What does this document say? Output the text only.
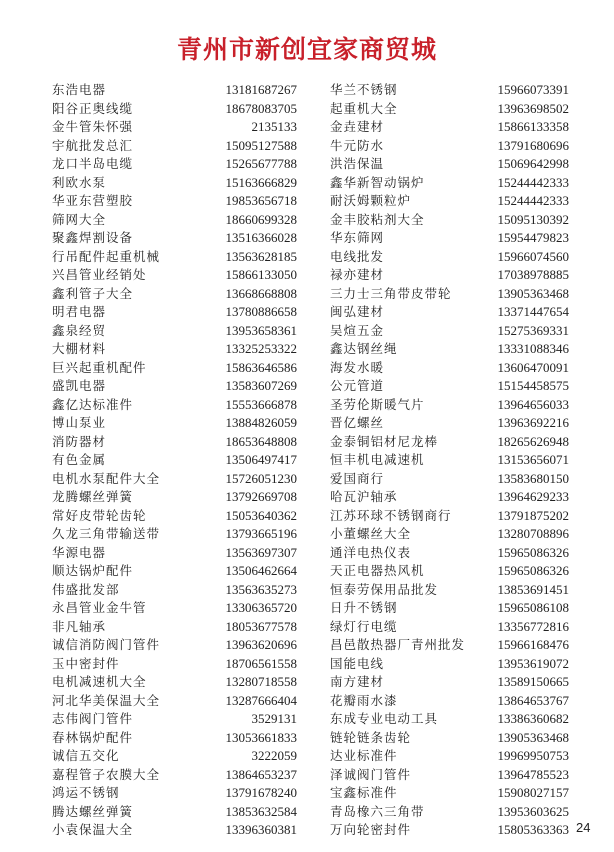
青州市新创宜家商贸城
东浩电器	13181687267
阳谷正奥线缆	18678083705
金牛管朱怀强	2135133
宇航批发总汇	15095127588
龙口半岛电缆	15265677788
利欧水泵	15163666829
华亚东营塑胶	19853656718
筛网大全	18660699328
聚鑫焊割设备	13516366028
行吊配件起重机械	13563628185
兴昌管业经销处	15866133050
鑫利管子大全	13668668808
明君电器	13780886658
鑫泉经贸	13953658361
大棚材料	13325253322
巨兴起重机配件	15863646586
盛凯电器	13583607269
鑫亿达标准件	15553666878
博山泵业	13884826059
消防器材	18653648808
有色金属	13506497417
电机水泵配件大全	15726051230
龙腾螺丝弹簧	13792669708
常好皮带轮齿轮	15053640362
久龙三角带输送带	13793665196
华源电器	13563697307
顺达锅炉配件	13506462664
伟盛批发部	13563635273
永昌管业金牛管	13306365720
非凡轴承	18053677578
诚信消防阀门管件	13963620696
玉中密封件	18706561558
电机减速机大全	13280718558
河北华美保温大全	13287666404
志伟阀门管件	3529131
春林锅炉配件	13053661833
诚信五交化	3222059
嘉程管子农膜大全	13864653237
鸿运不锈钢	13791678240
腾达螺丝弹簧	13853632584
小袁保温大全	13396360381
华兰不锈钢	15966073391
起重机大全	13963698502
金垚建材	15866133358
牛元防水	13791680696
洪浩保温	15069642998
鑫华新智动锅炉	15244442333
耐沃姆颗粒炉	15244442333
金丰胶粘剂大全	15095130392
华东筛网	15954479823
电线批发	15966074560
禄亦建材	17038978885
三力士三角带皮带轮	13905363468
闽弘建材	13371447654
吴煊五金	15275369331
鑫达钢丝绳	13331088346
海发水暖	13606470091
公元管道	15154458575
圣劳伦斯暖气片	13964656033
晋亿螺丝	13963692216
金泰铜铝材尼龙棒	18265626948
恒丰机电减速机	13153656071
爱国商行	13583680150
哈瓦沪轴承	13964629233
江苏环球不锈钢商行	13791875202
小董螺丝大全	13280708896
通洋电热仪表	15965086326
天正电器热风机	15965086326
恒泰劳保用品批发	13853691451
日升不锈钢	15965086108
绿灯行电缆	13356772816
昌邑散热器厂青州批发 15966168476
国能电线	13953619072
南方建材	13589150665
花瓣雨水漆	13864653767
东成专业电动工具	13386360682
链轮链条齿轮	13905363468
达业标准件	19969950753
泽诚阀门管件	13964785523
宝鑫标准件	15908027157
青岛橡六三角带	13953603625
万向轮密封件	15805363363 24
